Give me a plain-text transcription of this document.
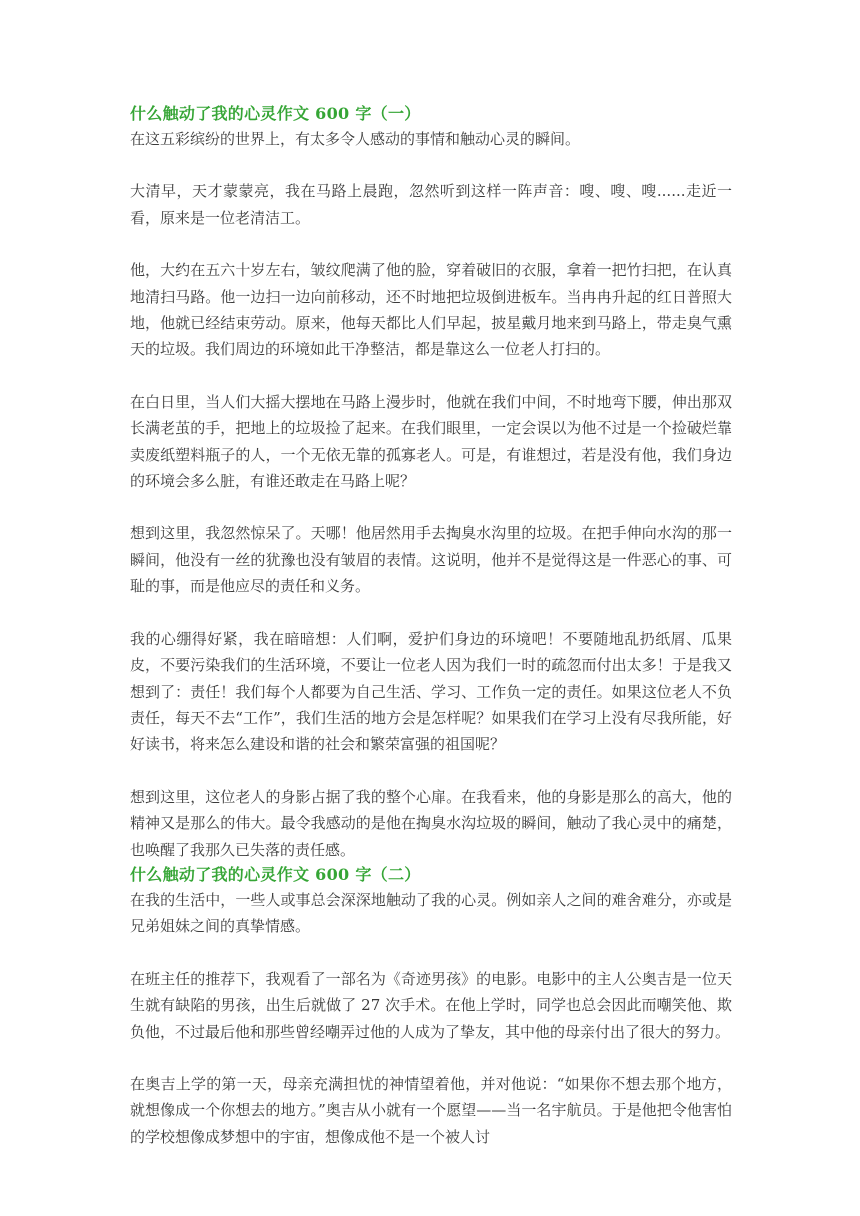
什么触动了我的心灵作文 600 字（一）

在这五彩缤纷的世界上，有太多令人感动的事情和触动心灵的瞬间。

大清早，天才蒙蒙亮，我在马路上晨跑，忽然听到这样一阵声音：嗖、嗖、嗖......走近一看，原来是一位老清洁工。

他，大约在五六十岁左右，皱纹爬满了他的脸，穿着破旧的衣服，拿着一把竹扫把，在认真地清扫马路。他一边扫一边向前移动，还不时地把垃圾倒进板车。当冉冉升起的红日普照大地，他就已经结束劳动。原来，他每天都比人们早起，披星戴月地来到马路上，带走臭气熏天的垃圾。我们周边的环境如此干净整洁，都是靠这么一位老人打扫的。

在白日里，当人们大摇大摆地在马路上漫步时，他就在我们中间，不时地弯下腰，伸出那双长满老茧的手，把地上的垃圾捡了起来。在我们眼里，一定会误以为他不过是一个捡破烂靠卖废纸塑料瓶子的人，一个无依无靠的孤寡老人。可是，有谁想过，若是没有他，我们身边的环境会多么脏，有谁还敢走在马路上呢？

想到这里，我忽然惊呆了。天哪！他居然用手去掏臭水沟里的垃圾。在把手伸向水沟的那一瞬间，他没有一丝的犹豫也没有皱眉的表情。这说明，他并不是觉得这是一件恶心的事、可耻的事，而是他应尽的责任和义务。

我的心绷得好紧，我在暗暗想：人们啊，爱护们身边的环境吧！不要随地乱扔纸屑、瓜果皮，不要污染我们的生活环境，不要让一位老人因为我们一时的疏忽而付出太多！于是我又想到了：责任！我们每个人都要为自己生活、学习、工作负一定的责任。如果这位老人不负责任，每天不去“工作”，我们生活的地方会是怎样呢？如果我们在学习上没有尽我所能，好好读书，将来怎么建设和谐的社会和繁荣富强的祖国呢？

想到这里，这位老人的身影占据了我的整个心扉。在我看来，他的身影是那么的高大，他的精神又是那么的伟大。最令我感动的是他在掏臭水沟垃圾的瞬间，触动了我心灵中的痛楚，也唤醒了我那久已失落的责任感。

什么触动了我的心灵作文 600 字（二）

在我的生活中，一些人或事总会深深地触动了我的心灵。例如亲人之间的难舍难分，亦或是兄弟姐妹之间的真挚情感。

在班主任的推荐下，我观看了一部名为《奇迹男孩》的电影。电影中的主人公奥吉是一位天生就有缺陷的男孩，出生后就做了 27 次手术。在他上学时，同学也总会因此而嘲笑他、欺负他，不过最后他和那些曾经嘲弄过他的人成为了挚友，其中他的母亲付出了很大的努力。

在奥吉上学的第一天，母亲充满担忧的神情望着他，并对他说：“如果你不想去那个地方，就想像成一个你想去的地方。”奥吉从小就有一个愿望——当一名宇航员。于是他把令他害怕的学校想像成梦想中的宇宙，想像成他不是一个被人讨
